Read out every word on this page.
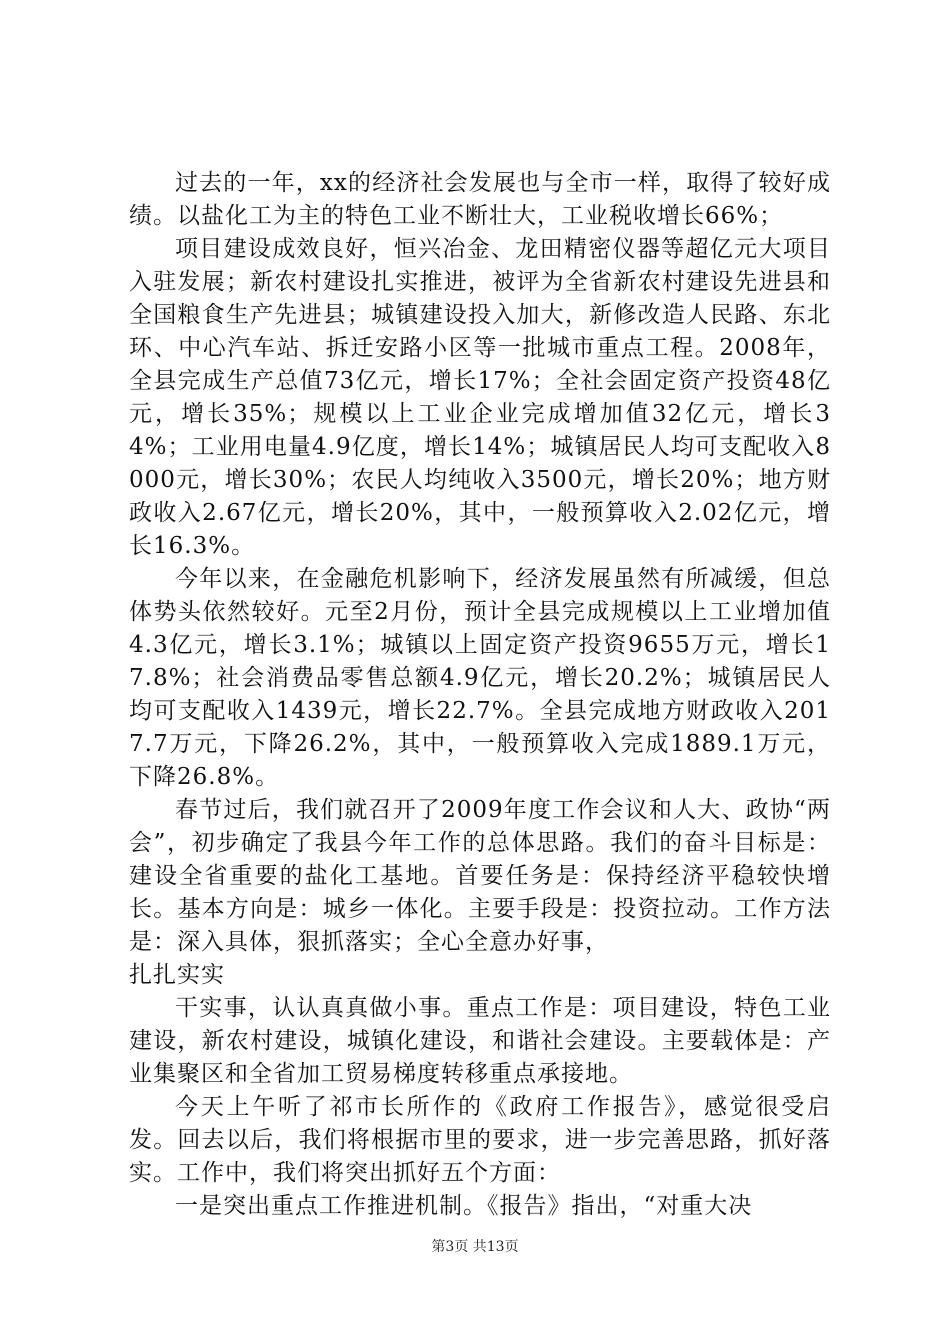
过去的一年，xx的经济社会发展也与全市一样，取得了较好成绩。以盐化工为主的特色工业不断壮大，工业税收增长66%；

项目建设成效良好，恒兴冶金、龙田精密仪器等超亿元大项目入驻发展；新农村建设扎实推进，被评为全省新农村建设先进县和全国粮食生产先进县；城镇建设投入加大，新修改造人民路、东北环、中心汽车站、拆迁安路小区等一批城市重点工程。2008年，全县完成生产总值73亿元，增长17%；全社会固定资产投资48亿元，增长35%；规模以上工业企业完成增加值32亿元，增长34%；工业用电量4.9亿度，增长14%；城镇居民人均可支配收入8000元，增长30%；农民人均纯收入3500元，增长20%；地方财政收入2.67亿元，增长20%，其中，一般预算收入2.02亿元，增长16.3%。

今年以来，在金融危机影响下，经济发展虽然有所减缓，但总体势头依然较好。元至2月份，预计全县完成规模以上工业增加值4.3亿元，增长3.1%；城镇以上固定资产投资9655万元，增长17.8%；社会消费品零售总额4.9亿元，增长20.2%；城镇居民人均可支配收入1439元，增长22.7%。全县完成地方财政收入2017.7万元，下降26.2%，其中，一般预算收入完成1889.1万元，下降26.8%。

春节过后，我们就召开了2009年度工作会议和人大、政协“两会”，初步确定了我县今年工作的总体思路。我们的奋斗目标是：建设全省重要的盐化工基地。首要任务是：保持经济平稳较快增长。基本方向是：城乡一体化。主要手段是：投资拉动。工作方法是：深入具体，狠抓落实；全心全意办好事，

扎扎实实

干实事，认认真真做小事。重点工作是：项目建设，特色工业建设，新农村建设，城镇化建设，和谐社会建设。主要载体是：产业集聚区和全省加工贸易梯度转移重点承接地。

今天上午听了祁市长所作的《政府工作报告》，感觉很受启发。回去以后，我们将根据市里的要求，进一步完善思路，抓好落实。工作中，我们将突出抓好五个方面：

一是突出重点工作推进机制。《报告》指出，“对重大决

第3页 共13页
